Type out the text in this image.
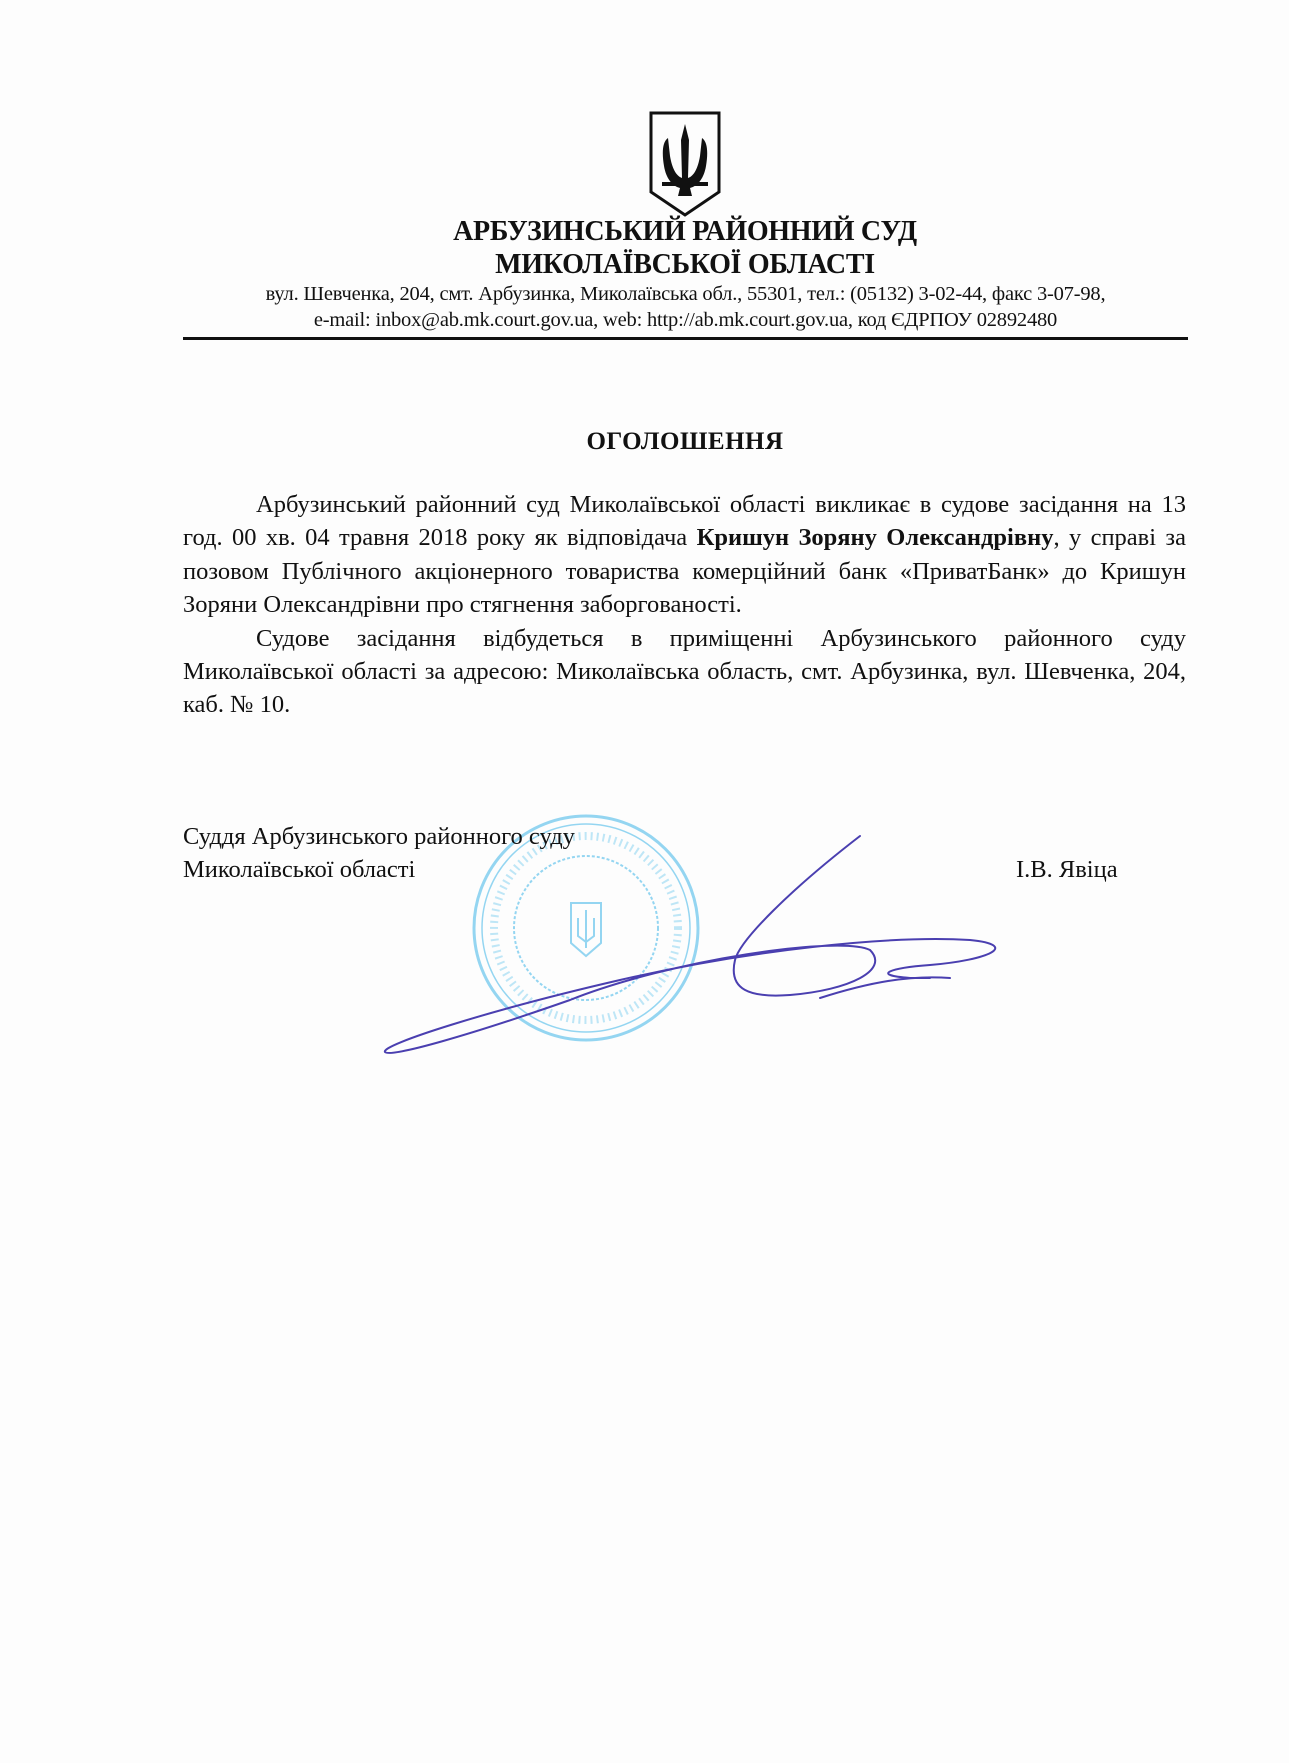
АРБУЗИНСЬКИЙ РАЙОННИЙ СУД
МИКОЛАЇВСЬКОЇ ОБЛАСТІ
вул. Шевченка, 204, смт. Арбузинка, Миколаївська обл., 55301, тел.: (05132) 3-02-44, факс 3-07-98,
e-mail: inbox@ab.mk.court.gov.ua, web: http://ab.mk.court.gov.ua, код ЄДРПОУ 02892480
ОГОЛОШЕННЯ

Арбузинський районний суд Миколаївської області викликає в судове засідання на 13 год. 00 хв. 04 травня 2018 року як відповідача Кришун Зоряну Олександрівну, у справі за позовом Публічного акціонерного товариства комерційний банк «ПриватБанк» до Кришун Зоряни Олександрівни про стягнення заборгованості.

Судове засідання відбудеться в приміщенні Арбузинського районного суду Миколаївської області за адресою: Миколаївська область, смт. Арбузинка, вул. Шевченка, 204, каб. № 10.

Суддя Арбузинського районного суду
Миколаївської області	І.В. Явіца
